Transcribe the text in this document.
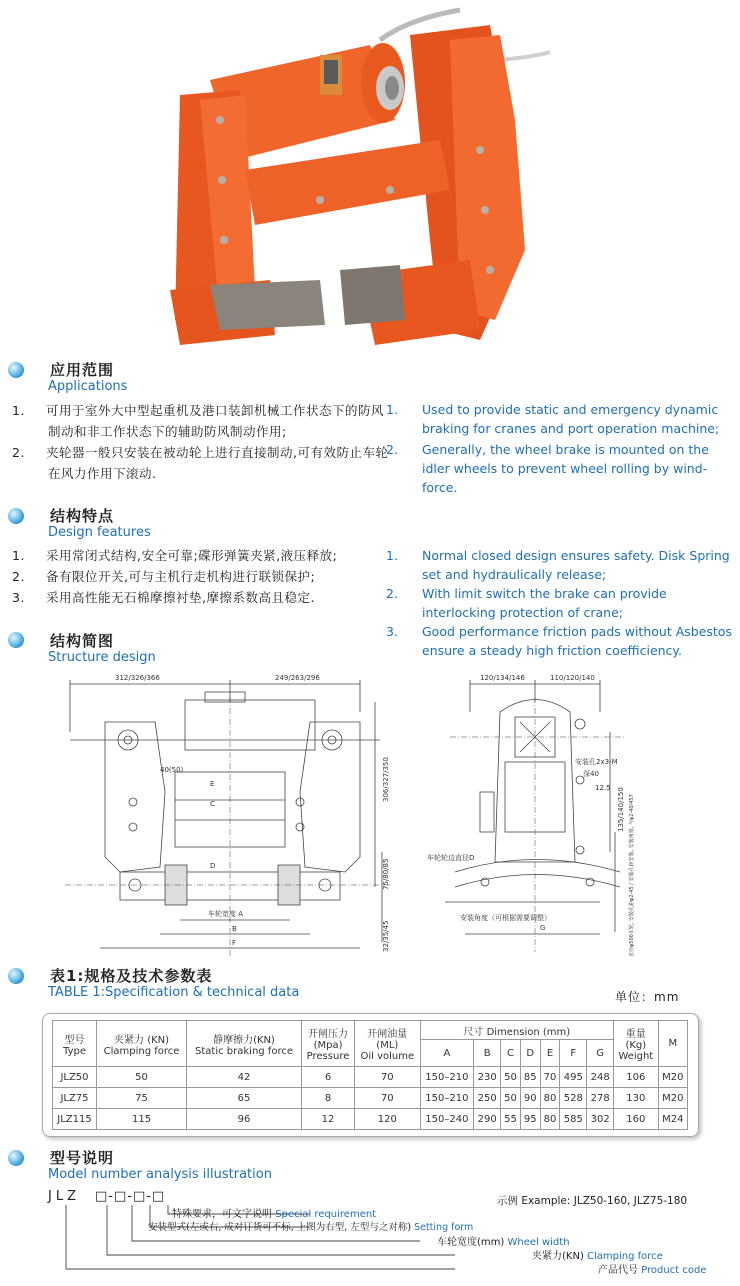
应用范围
Applications
1. 可用于室外大中型起重机及港口装卸机械工作状态下的防风制动和非工作状态下的辅助防风制动作用;
2. 夹轮器一般只安装在被动轮上进行直接制动,可有效防止车轮 在风力作用下滚动.
1. Used to provide static and emergency dynamic braking for cranes and port operation machine;
2. Generally, the wheel brake is mounted on the idler wheels to prevent wheel rolling by wind-force.
结构特点
Design features
1. 采用常闭式结构,安全可靠;碟形弹簧夹紧,液压释放;
2. 备有限位开关,可与主机行走机构进行联锁保护;
3. 采用高性能无石棉摩擦衬垫,摩擦系数高且稳定.
1. Normal closed design ensures safety. Disk Spring set and hydraulically release;
2. With limit switch the brake can provide interlocking protection of crane;
3. Good performance friction pads without Asbestos ensure a steady high friction coefficiency.
结构简图
Structure design
312/326/366	249/263/296
40(50)
C
E
D
车轮宽度 A
B
F
306/327/350
75/80/85
32/35/45
120/134/146	110/120/140
安装孔2x3-M
深40
12.5
车轮轮边直径D
安装角度（可根据需要调整）
G
135/140/150 直径φ500车轮, 安装孔距φ2-45 / 安装孔距安装, 安装角度, 与φ2-40/457
表1:规格及技术参数表
TABLE 1:Specification & technical data	单位：mm
型号
Type	夹紧力 (KN)
Clamping force	静摩擦力(KN)
Static braking force	开闸压力
(Mpa)
Pressure	开闸油量
(ML)
Oil volume	尺寸 Dimension (mm)							重量
(Kg)
Weight	M
					A	B	C	D	E	F	G		
JLZ50	50	42	6	70	150–210	230	50	85	70	495	248	106	M20
JLZ75	75	65	8	70	150–210	250	50	90	80	528	278	130	M20
JLZ115	115	96	12	120	150–240	290	55	95	80	585	302	160	M24
型号说明
Model number analysis illustration
JLZ □-□-□-□	示例 Example: JLZ50-160, JLZ75-180
特殊要求，可文字说明 Special requirement
安装型式(左或右, 成对订货可不标, 上图为右型, 左型与之对称) Setting form
车轮宽度(mm) Wheel width
夹紧力(KN) Clamping force
产品代号 Product code
